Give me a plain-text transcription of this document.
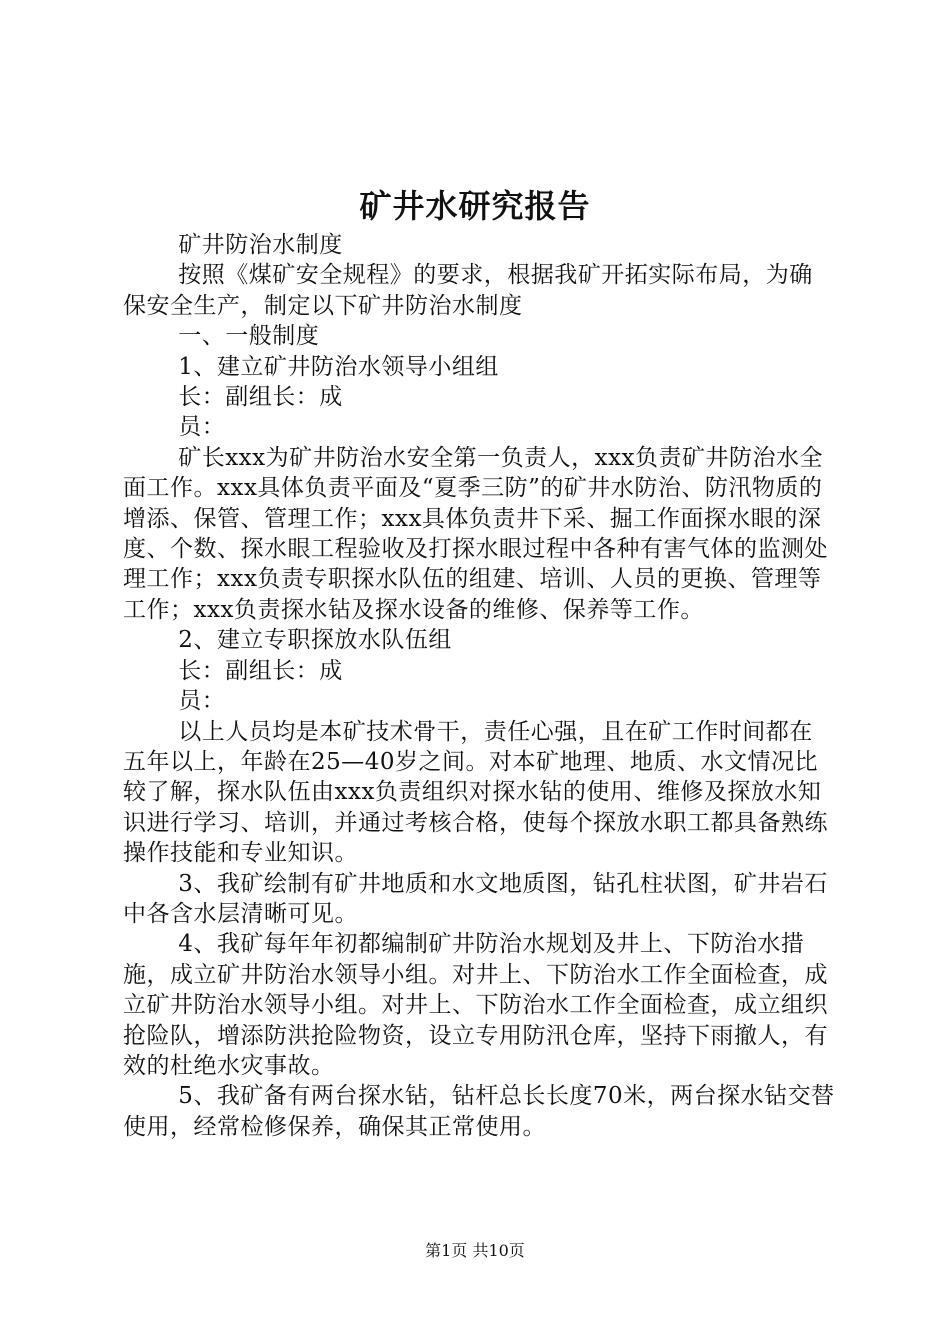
矿井水研究报告

矿井防治水制度

按照《煤矿安全规程》的要求，根据我矿开拓实际布局，为确保安全生产，制定以下矿井防治水制度

一、一般制度

1、建立矿井防治水领导小组组

长：副组长：成

员：

矿长xxx为矿井防治水安全第一负责人，xxx负责矿井防治水全面工作。xxx具体负责平面及“夏季三防”的矿井水防治、防汛物质的增添、保管、管理工作；xxx具体负责井下采、掘工作面探水眼的深度、个数、探水眼工程验收及打探水眼过程中各种有害气体的监测处理工作；xxx负责专职探水队伍的组建、培训、人员的更换、管理等工作；xxx负责探水钻及探水设备的维修、保养等工作。

2、建立专职探放水队伍组

长：副组长：成

员：

以上人员均是本矿技术骨干，责任心强，且在矿工作时间都在五年以上，年龄在25—40岁之间。对本矿地理、地质、水文情况比较了解，探水队伍由xxx负责组织对探水钻的使用、维修及探放水知识进行学习、培训，并通过考核合格，使每个探放水职工都具备熟练操作技能和专业知识。

3、我矿绘制有矿井地质和水文地质图，钻孔柱状图，矿井岩石中各含水层清晰可见。

4、我矿每年年初都编制矿井防治水规划及井上、下防治水措施，成立矿井防治水领导小组。对井上、下防治水工作全面检查，成立矿井防治水领导小组。对井上、下防治水工作全面检查，成立组织抢险队，增添防洪抢险物资，设立专用防汛仓库，坚持下雨撤人，有效的杜绝水灾事故。

5、我矿备有两台探水钻，钻杆总长长度70米，两台探水钻交替使用，经常检修保养，确保其正常使用。

第1页 共10页
